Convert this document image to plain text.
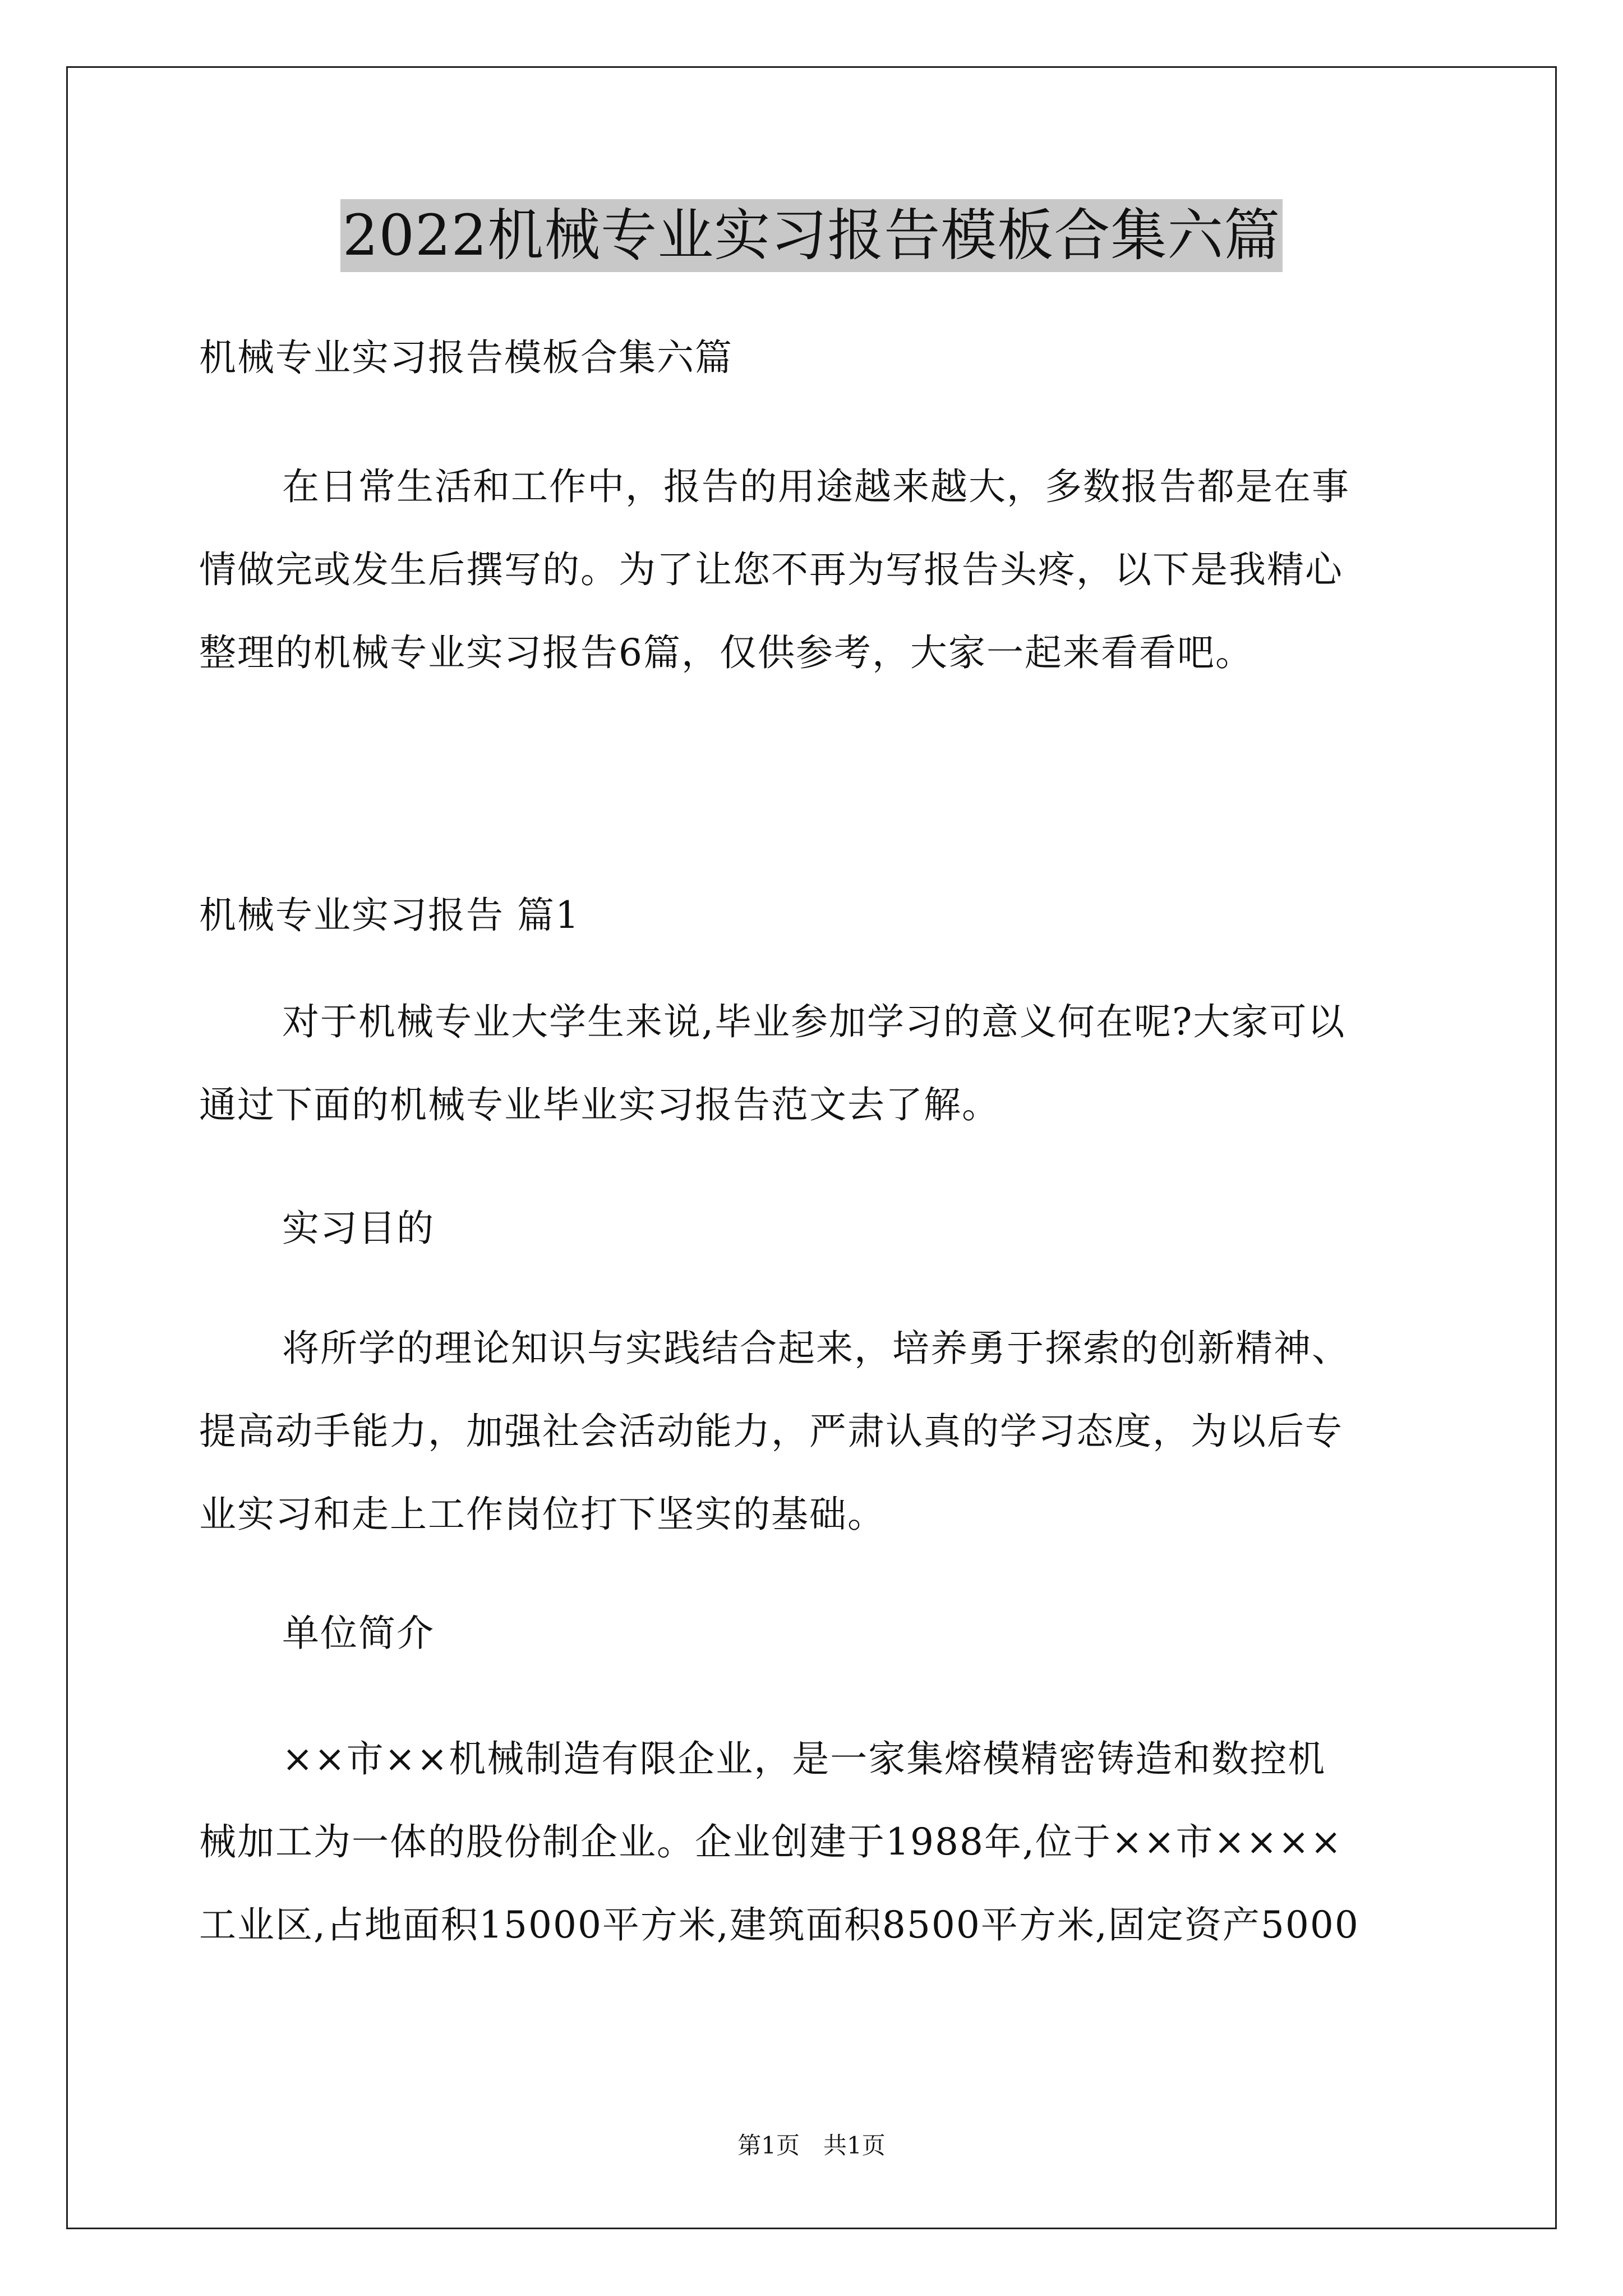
2022机械专业实习报告模板合集六篇

机械专业实习报告模板合集六篇

在日常生活和工作中，报告的用途越来越大，多数报告都是在事

情做完或发生后撰写的。为了让您不再为写报告头疼，以下是我精心

整理的机械专业实习报告6篇，仅供参考，大家一起来看看吧。

机械专业实习报告 篇1

对于机械专业大学生来说,毕业参加学习的意义何在呢?大家可以

通过下面的机械专业毕业实习报告范文去了解。

实习目的

将所学的理论知识与实践结合起来，培养勇于探索的创新精神、

提高动手能力，加强社会活动能力，严肃认真的学习态度，为以后专

业实习和走上工作岗位打下坚实的基础。

单位简介

××市××机械制造有限企业，是一家集熔模精密铸造和数控机

械加工为一体的股份制企业。企业创建于1988年,位于××市××××

工业区,占地面积15000平方米,建筑面积8500平方米,固定资产5000

第1页　共1页
